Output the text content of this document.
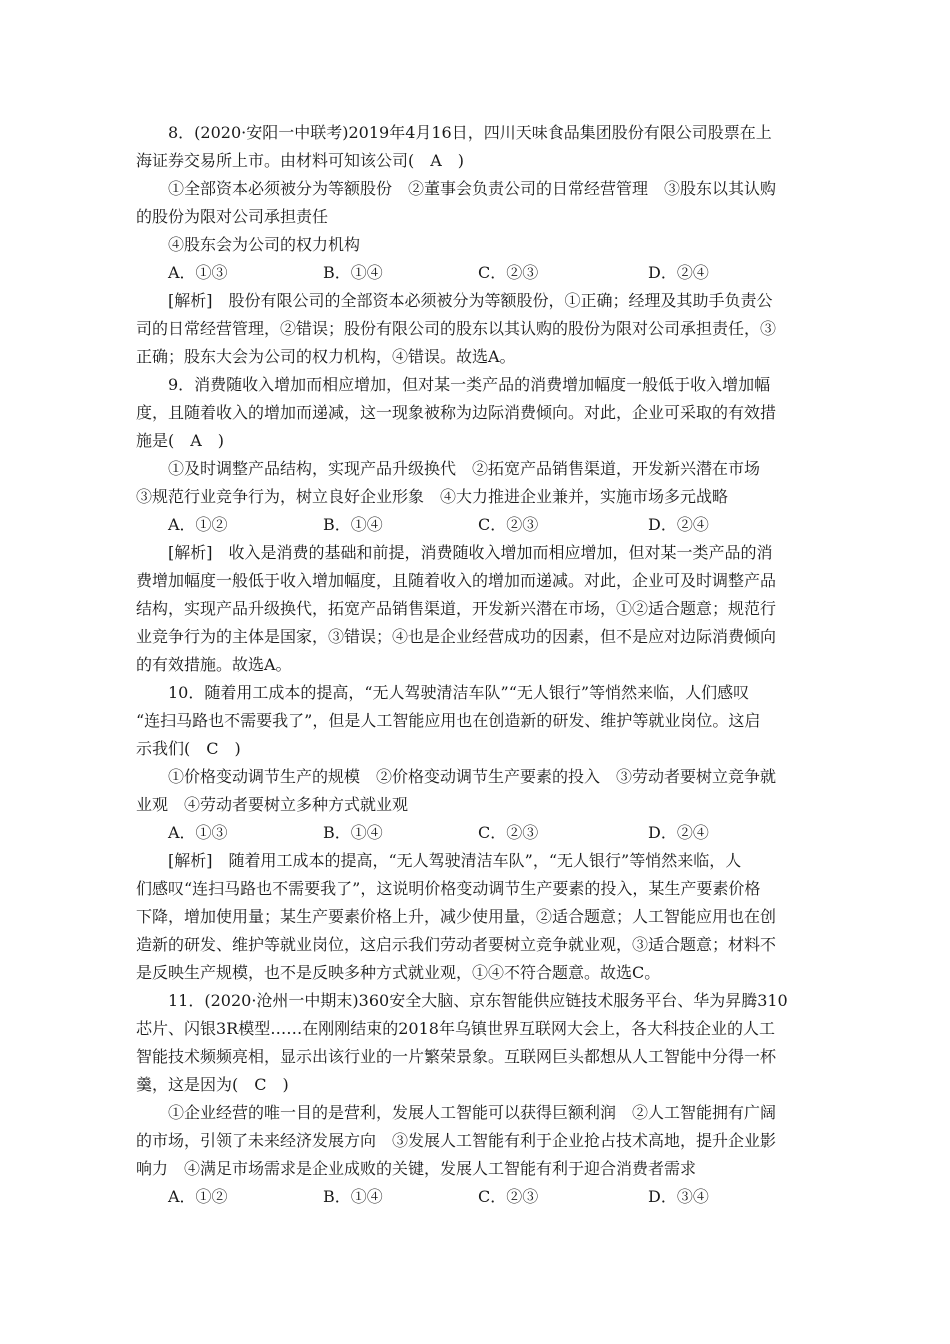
8．(2020·安阳一中联考)2019年4月16日，四川天味食品集团股份有限公司股票在上
海证券交易所上市。由材料可知该公司(　A　)
①全部资本必须被分为等额股份　②董事会负责公司的日常经营管理　③股东以其认购
的股份为限对公司承担责任
④股东会为公司的权力机构
A．①③	B．①④	C．②③	D．②④
[解析]　股份有限公司的全部资本必须被分为等额股份，①正确；经理及其助手负责公
司的日常经营管理，②错误；股份有限公司的股东以其认购的股份为限对公司承担责任，③
正确；股东大会为公司的权力机构，④错误。故选A。
9．消费随收入增加而相应增加，但对某一类产品的消费增加幅度一般低于收入增加幅
度，且随着收入的增加而递减，这一现象被称为边际消费倾向。对此，企业可采取的有效措
施是(　A　)
①及时调整产品结构，实现产品升级换代　②拓宽产品销售渠道，开发新兴潜在市场
③规范行业竞争行为，树立良好企业形象　④大力推进企业兼并，实施市场多元战略
A．①②	B．①④	C．②③	D．②④
[解析]　收入是消费的基础和前提，消费随收入增加而相应增加，但对某一类产品的消
费增加幅度一般低于收入增加幅度，且随着收入的增加而递减。对此，企业可及时调整产品
结构，实现产品升级换代，拓宽产品销售渠道，开发新兴潜在市场，①②适合题意；规范行
业竞争行为的主体是国家，③错误；④也是企业经营成功的因素，但不是应对边际消费倾向
的有效措施。故选A。
10．随着用工成本的提高，“无人驾驶清洁车队”“无人银行”等悄然来临，人们感叹
“连扫马路也不需要我了”，但是人工智能应用也在创造新的研发、维护等就业岗位。这启
示我们(　C　)
①价格变动调节生产的规模　②价格变动调节生产要素的投入　③劳动者要树立竞争就
业观　④劳动者要树立多种方式就业观
A．①③	B．①④	C．②③	D．②④
[解析]　随着用工成本的提高，“无人驾驶清洁车队”，“无人银行”等悄然来临，人
们感叹“连扫马路也不需要我了”，这说明价格变动调节生产要素的投入，某生产要素价格
下降，增加使用量；某生产要素价格上升，减少使用量，②适合题意；人工智能应用也在创
造新的研发、维护等就业岗位，这启示我们劳动者要树立竞争就业观，③适合题意；材料不
是反映生产规模，也不是反映多种方式就业观，①④不符合题意。故选C。
11．(2020·沧州一中期末)360安全大脑、京东智能供应链技术服务平台、华为昇腾310
芯片、闪银3R模型……在刚刚结束的2018年乌镇世界互联网大会上，各大科技企业的人工
智能技术频频亮相，显示出该行业的一片繁荣景象。互联网巨头都想从人工智能中分得一杯
羹，这是因为(　C　)
①企业经营的唯一目的是营利，发展人工智能可以获得巨额利润　②人工智能拥有广阔
的市场，引领了未来经济发展方向　③发展人工智能有利于企业抢占技术高地，提升企业影
响力　④满足市场需求是企业成败的关键，发展人工智能有利于迎合消费者需求
A．①②	B．①④	C．②③	D．③④
